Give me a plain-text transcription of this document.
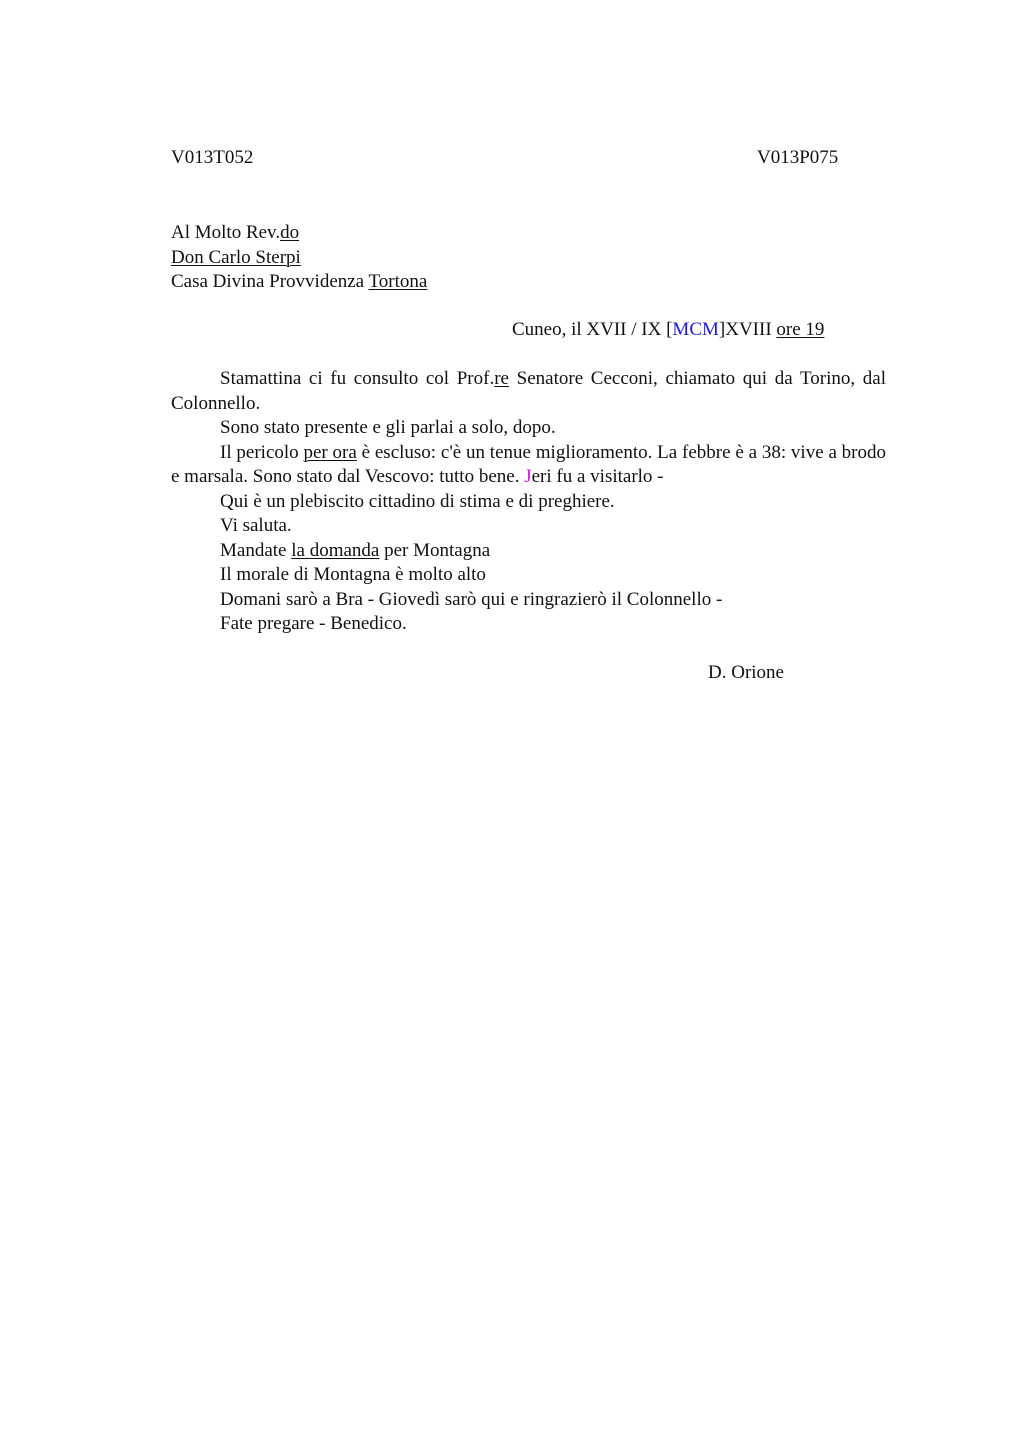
V013T052	V013P075
Al Molto Rev.do
Don Carlo Sterpi
Casa Divina Provvidenza Tortona
Cuneo, il XVII / IX [MCM]XVIII ore 19

Stamattina ci fu consulto col Prof.re Senatore Cecconi, chiamato qui da Torino, dal Colonnello.

Sono stato presente e gli parlai a solo, dopo.

Il pericolo per ora è escluso: c'è un tenue miglioramento. La febbre è a 38: vive a brodo e marsala. Sono stato dal Vescovo: tutto bene. Jeri fu a visitarlo -

Qui è un plebiscito cittadino di stima e di preghiere.

Vi saluta.

Mandate la domanda per Montagna

Il morale di Montagna è molto alto

Domani sarò a Bra - Giovedì sarò qui e ringrazierò il Colonnello -

Fate pregare - Benedico.

D. Orione
